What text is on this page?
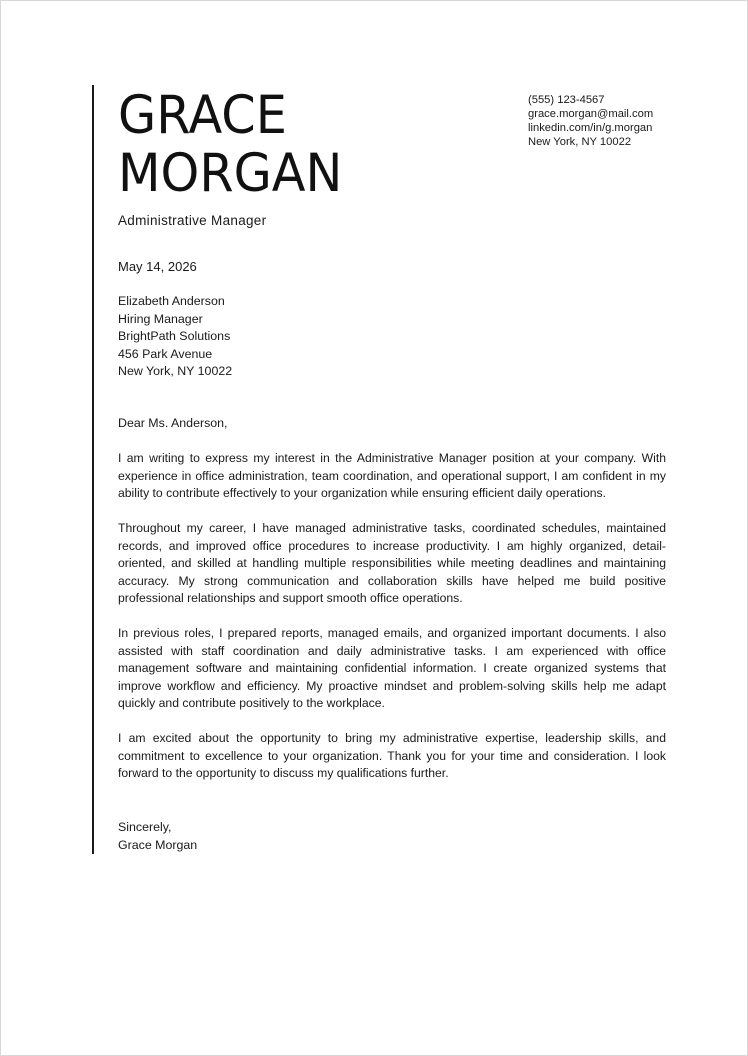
GRACE
MORGAN
Administrative Manager
(555) 123-4567
grace.morgan@mail.com
linkedin.com/in/g.morgan
New York, NY 10022
May 14, 2026
Elizabeth Anderson
Hiring Manager
BrightPath Solutions
456 Park Avenue
New York, NY 10022
Dear Ms. Anderson,

I am writing to express my interest in the Administrative Manager position at your company. With experience in office administration, team coordination, and operational support, I am confident in my ability to contribute effectively to your organization while ensuring efficient daily operations.

Throughout my career, I have managed administrative tasks, coordinated schedules, maintained records, and improved office procedures to increase productivity. I am highly organized, detail-oriented, and skilled at handling multiple responsibilities while meeting deadlines and maintaining accuracy. My strong communication and collaboration skills have helped me build positive professional relationships and support smooth office operations.

In previous roles, I prepared reports, managed emails, and organized important documents. I also assisted with staff coordination and daily administrative tasks. I am experienced with office management software and maintaining confidential information. I create organized systems that improve workflow and efficiency. My proactive mindset and problem-solving skills help me adapt quickly and contribute positively to the workplace.

I am excited about the opportunity to bring my administrative expertise, leadership skills, and commitment to excellence to your organization. Thank you for your time and consideration. I look forward to the opportunity to discuss my qualifications further.

Sincerely,
Grace Morgan
